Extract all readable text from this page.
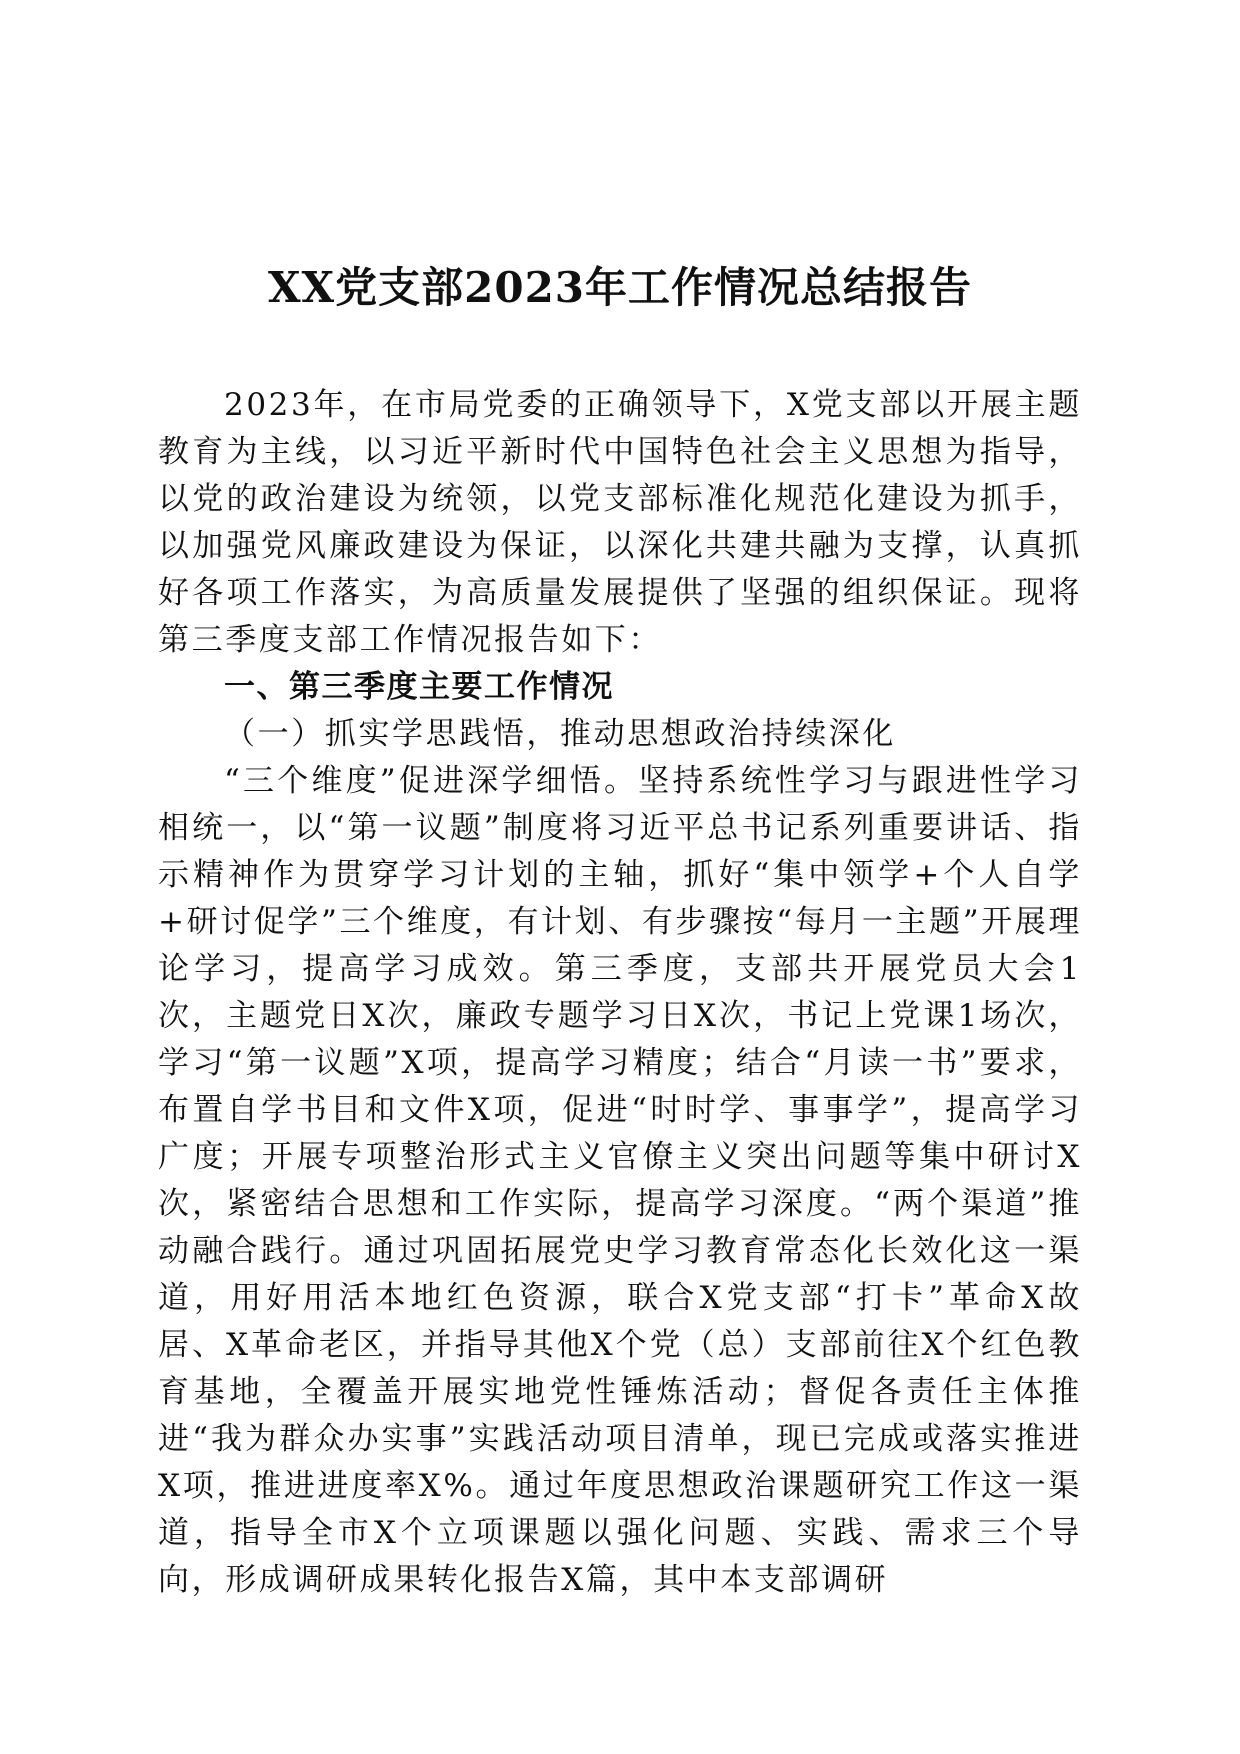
XX党支部2023年工作情况总结报告

2023年，在市局党委的正确领导下，X党支部以开展主题教育为主线，以习近平新时代中国特色社会主义思想为指导，以党的政治建设为统领，以党支部标准化规范化建设为抓手，以加强党风廉政建设为保证，以深化共建共融为支撑，认真抓好各项工作落实，为高质量发展提供了坚强的组织保证。现将第三季度支部工作情况报告如下：

一、第三季度主要工作情况

（一）抓实学思践悟，推动思想政治持续深化

“三个维度”促进深学细悟。坚持系统性学习与跟进性学习相统一，以“第一议题”制度将习近平总书记系列重要讲话、指示精神作为贯穿学习计划的主轴，抓好“集中领学+个人自学+研讨促学”三个维度，有计划、有步骤按“每月一主题”开展理论学习，提高学习成效。第三季度，支部共开展党员大会1次，主题党日X次，廉政专题学习日X次，书记上党课1场次，学习“第一议题”X项，提高学习精度；结合“月读一书”要求，布置自学书目和文件X项，促进“时时学、事事学”，提高学习广度；开展专项整治形式主义官僚主义突出问题等集中研讨X次，紧密结合思想和工作实际，提高学习深度。“两个渠道”推动融合践行。通过巩固拓展党史学习教育常态化长效化这一渠道，用好用活本地红色资源，联合X党支部“打卡”革命X故居、X革命老区，并指导其他X个党（总）支部前往X个红色教育基地，全覆盖开展实地党性锤炼活动；督促各责任主体推进“我为群众办实事”实践活动项目清单，现已完成或落实推进X项，推进进度率X%。通过年度思想政治课题研究工作这一渠道，指导全市X个立项课题以强化问题、实践、需求三个导向，形成调研成果转化报告X篇，其中本支部调研
